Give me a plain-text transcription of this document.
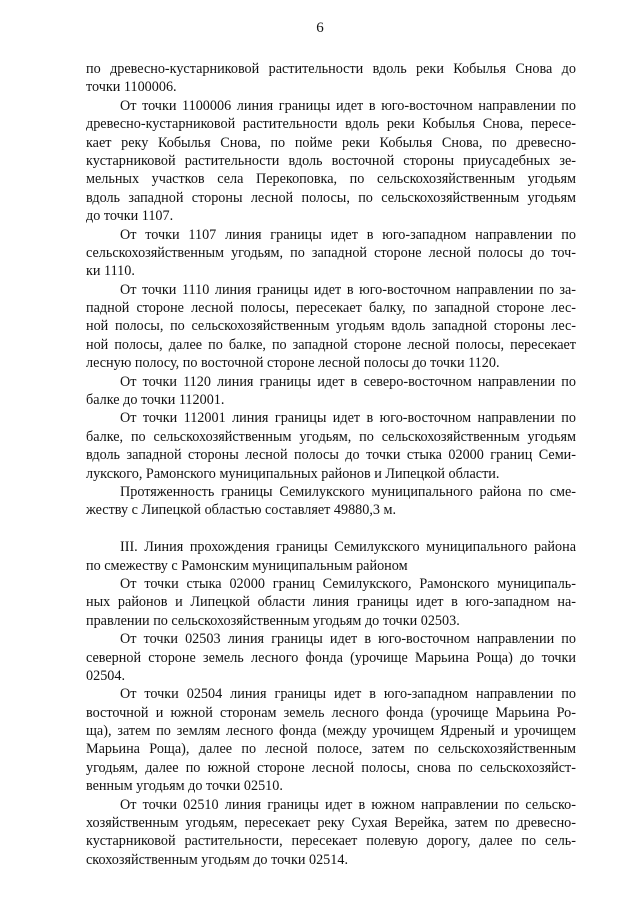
6
по древесно-кустарниковой растительности вдоль реки Кобылья Снова до
точки 1100006.
От точки 1100006 линия границы идет в юго-восточном направлении по
древесно-кустарниковой растительности вдоль реки Кобылья Снова, пересе-
кает реку Кобылья Снова, по пойме реки Кобылья Снова, по древесно-
кустарниковой растительности вдоль восточной стороны приусадебных зе-
мельных участков села Перекоповка, по сельскохозяйственным угодьям
вдоль западной стороны лесной полосы, по сельскохозяйственным угодьям
до точки 1107.
От точки 1107 линия границы идет в юго-западном направлении по
сельскохозяйственным угодьям, по западной стороне лесной полосы до точ-
ки 1110.
От точки 1110 линия границы идет в юго-восточном направлении по за-
падной стороне лесной полосы, пересекает балку, по западной стороне лес-
ной полосы, по сельскохозяйственным угодьям вдоль западной стороны лес-
ной полосы, далее по балке, по западной стороне лесной полосы, пересекает
лесную полосу, по восточной стороне лесной полосы до точки 1120.
От точки 1120 линия границы идет в северо-восточном направлении по
балке до точки 112001.
От точки 112001 линия границы идет в юго-восточном направлении по
балке, по сельскохозяйственным угодьям, по сельскохозяйственным угодьям
вдоль западной стороны лесной полосы до точки стыка 02000 границ Семи-
лукского, Рамонского муниципальных районов и Липецкой области.
Протяженность границы Семилукского муниципального района по сме-
жеству с Липецкой областью составляет 49880,3 м.
III. Линия прохождения границы Семилукского муниципального района
по смежеству с Рамонским муниципальным районом
От точки стыка 02000 границ Семилукского, Рамонского муниципаль-
ных районов и Липецкой области линия границы идет в юго-западном на-
правлении по сельскохозяйственным угодьям до точки 02503.
От точки 02503 линия границы идет в юго-восточном направлении по
северной стороне земель лесного фонда (урочище Марьина Роща) до точки
02504.
От точки 02504 линия границы идет в юго-западном направлении по
восточной и южной сторонам земель лесного фонда (урочище Марьина Ро-
ща), затем по землям лесного фонда (между урочищем Ядреный и урочищем
Марьина Роща), далее по лесной полосе, затем по сельскохозяйственным
угодьям, далее по южной стороне лесной полосы, снова по сельскохозяйст-
венным угодьям до точки 02510.
От точки 02510 линия границы идет в южном направлении по сельско-
хозяйственным угодьям, пересекает реку Сухая Верейка, затем по древесно-
кустарниковой растительности, пересекает полевую дорогу, далее по сель-
скохозяйственным угодьям до точки 02514.
